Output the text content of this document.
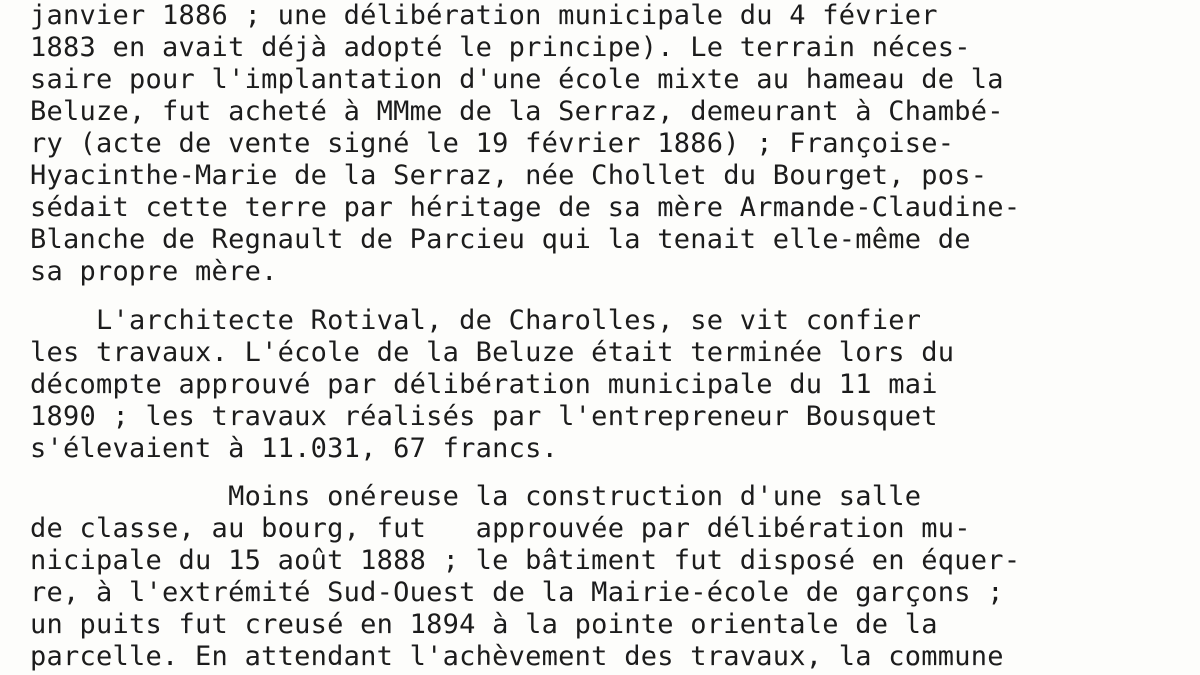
janvier 1886 ; une délibération municipale du 4 février
1883 en avait déjà adopté le principe). Le terrain néces-
saire pour l'implantation d'une école mixte au hameau de la
Beluze, fut acheté à MMme de la Serraz, demeurant à Chambé-
ry (acte de vente signé le 19 février 1886) ; Françoise-
Hyacinthe-Marie de la Serraz, née Chollet du Bourget, pos-
sédait cette terre par héritage de sa mère Armande-Claudine-
Blanche de Regnault de Parcieu qui la tenait elle-même de
sa propre mère.
L'architecte Rotival, de Charolles, se vit confier
les travaux. L'école de la Beluze était terminée lors du
décompte approuvé par délibération municipale du 11 mai
1890 ; les travaux réalisés par l'entrepreneur Bousquet
s'élevaient à 11.031, 67 francs.
Moins onéreuse la construction d'une salle
de classe, au bourg, fut   approuvée par délibération mu-
nicipale du 15 août 1888 ; le bâtiment fut disposé en équer-
re, à l'extrémité Sud-Ouest de la Mairie-école de garçons ;
un puits fut creusé en 1894 à la pointe orientale de la
parcelle. En attendant l'achèvement des travaux, la commune
